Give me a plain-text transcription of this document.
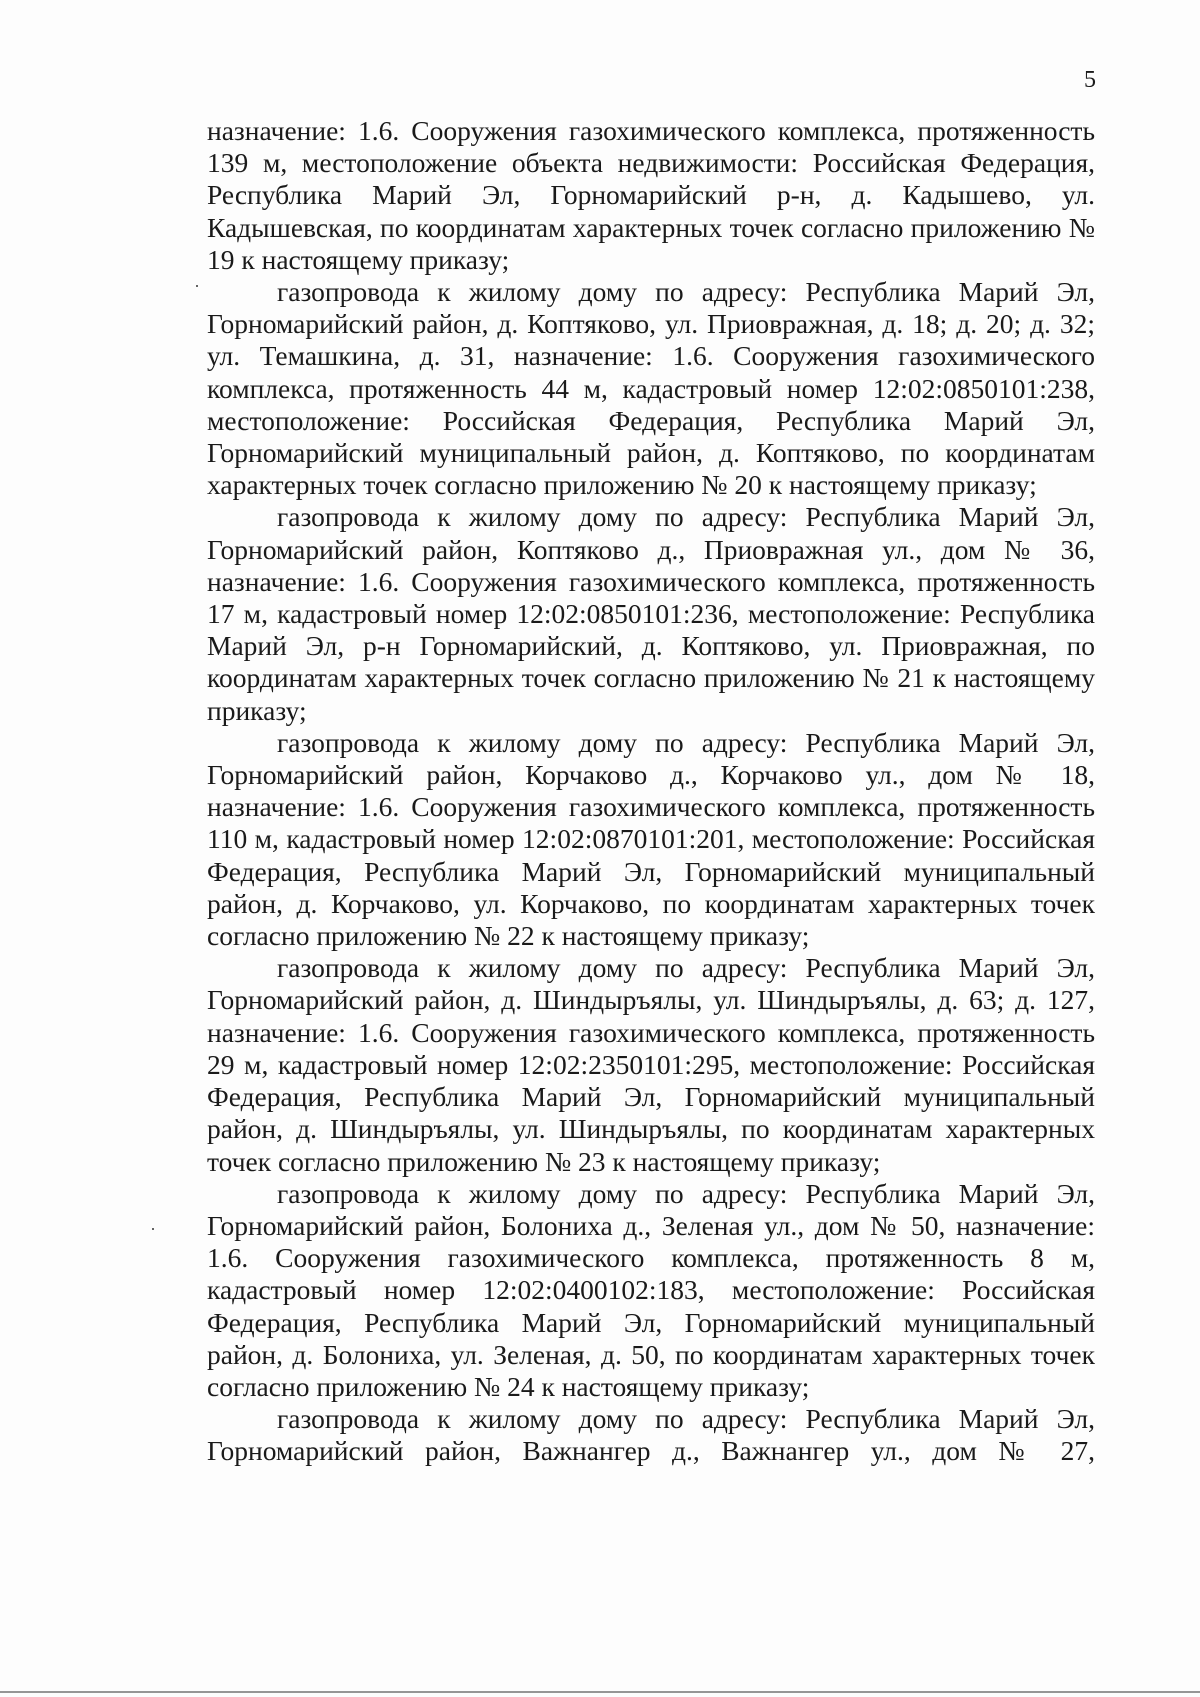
5

назначение: 1.6. Сооружения газохимического комплекса, протяженность 139 м, местоположение объекта недвижимости: Российская Федерация, Республика Марий Эл, Горномарийский р-н, д. Кадышево, ул. Кадышевская, по координатам характерных точек согласно приложению № 19 к настоящему приказу;

газопровода к жилому дому по адресу: Республика Марий Эл, Горномарийский район, д. Коптяково, ул. Приовражная, д. 18; д. 20; д. 32; ул. Темашкина, д. 31, назначение: 1.6. Сооружения газохимического комплекса, протяженность 44 м, кадастровый номер 12:02:0850101:238, местоположение: Российская Федерация, Республика Марий Эл, Горномарийский муниципальный район, д. Коптяково, по координатам характерных точек согласно приложению № 20 к настоящему приказу;

газопровода к жилому дому по адресу: Республика Марий Эл, Горномарийский район, Коптяково д., Приовражная ул., дом № 36, назначение: 1.6. Сооружения газохимического комплекса, протяженность 17 м, кадастровый номер 12:02:0850101:236, местоположение: Республика Марий Эл, р-н Горномарийский, д. Коптяково, ул. Приовражная, по координатам характерных точек согласно приложению № 21 к настоящему приказу;

газопровода к жилому дому по адресу: Республика Марий Эл, Горномарийский район, Корчаково д., Корчаково ул., дом № 18, назначение: 1.6. Сооружения газохимического комплекса, протяженность 110 м, кадастровый номер 12:02:0870101:201, местоположение: Российская Федерация, Республика Марий Эл, Горномарийский муниципальный район, д. Корчаково, ул. Корчаково, по координатам характерных точек согласно приложению № 22 к настоящему приказу;

газопровода к жилому дому по адресу: Республика Марий Эл, Горномарийский район, д. Шиндыръялы, ул. Шиндыръялы, д. 63; д. 127, назначение: 1.6. Сооружения газохимического комплекса, протяженность 29 м, кадастровый номер 12:02:2350101:295, местоположение: Российская Федерация, Республика Марий Эл, Горномарийский муниципальный район, д. Шиндыръялы, ул. Шиндыръялы, по координатам характерных точек согласно приложению № 23 к настоящему приказу;

газопровода к жилому дому по адресу: Республика Марий Эл, Горномарийский район, Болониха д., Зеленая ул., дом № 50, назначение: 1.6. Сооружения газохимического комплекса, протяженность 8 м, кадастровый номер 12:02:0400102:183, местоположение: Российская Федерация, Республика Марий Эл, Горномарийский муниципальный район, д. Болониха, ул. Зеленая, д. 50, по координатам характерных точек согласно приложению № 24 к настоящему приказу;

газопровода к жилому дому по адресу: Республика Марий Эл, Горномарийский район, Важнангер д., Важнангер ул., дом № 27,
